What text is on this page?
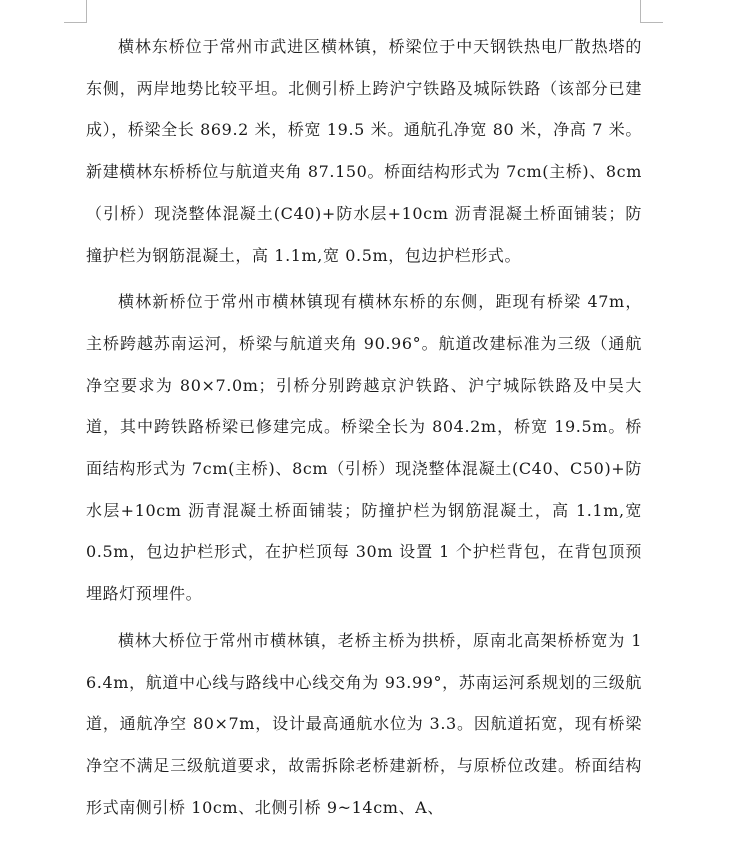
横林东桥位于常州市武进区横林镇，桥梁位于中天钢铁热电厂散热塔的东侧，两岸地势比较平坦。北侧引桥上跨沪宁铁路及城际铁路（该部分已建成），桥梁全长 869.2 米，桥宽 19.5 米。通航孔净宽 80 米，净高 7 米。新建横林东桥桥位与航道夹角 87.150。桥面结构形式为 7cm(主桥)、8cm（引桥）现浇整体混凝土(C40)+防水层+10cm 沥青混凝土桥面铺装；防撞护栏为钢筋混凝土，高 1.1m,宽 0.5m，包边护栏形式。

横林新桥位于常州市横林镇现有横林东桥的东侧，距现有桥梁 47m，主桥跨越苏南运河，桥梁与航道夹角 90.96°。航道改建标准为三级（通航净空要求为 80×7.0m；引桥分别跨越京沪铁路、沪宁城际铁路及中吴大道，其中跨铁路桥梁已修建完成。桥梁全长为 804.2m，桥宽 19.5m。桥面结构形式为 7cm(主桥)、8cm（引桥）现浇整体混凝土(C40、C50)+防水层+10cm 沥青混凝土桥面铺装；防撞护栏为钢筋混凝土，高 1.1m,宽 0.5m，包边护栏形式，在护栏顶每 30m 设置 1 个护栏背包，在背包顶预埋路灯预埋件。

横林大桥位于常州市横林镇，老桥主桥为拱桥，原南北高架桥桥宽为 16.4m，航道中心线与路线中心线交角为 93.99°，苏南运河系规划的三级航道，通航净空 80×7m，设计最高通航水位为 3.3。因航道拓宽，现有桥梁净空不满足三级航道要求，故需拆除老桥建新桥，与原桥位改建。桥面结构形式南侧引桥 10cm、北侧引桥 9~14cm、A、
